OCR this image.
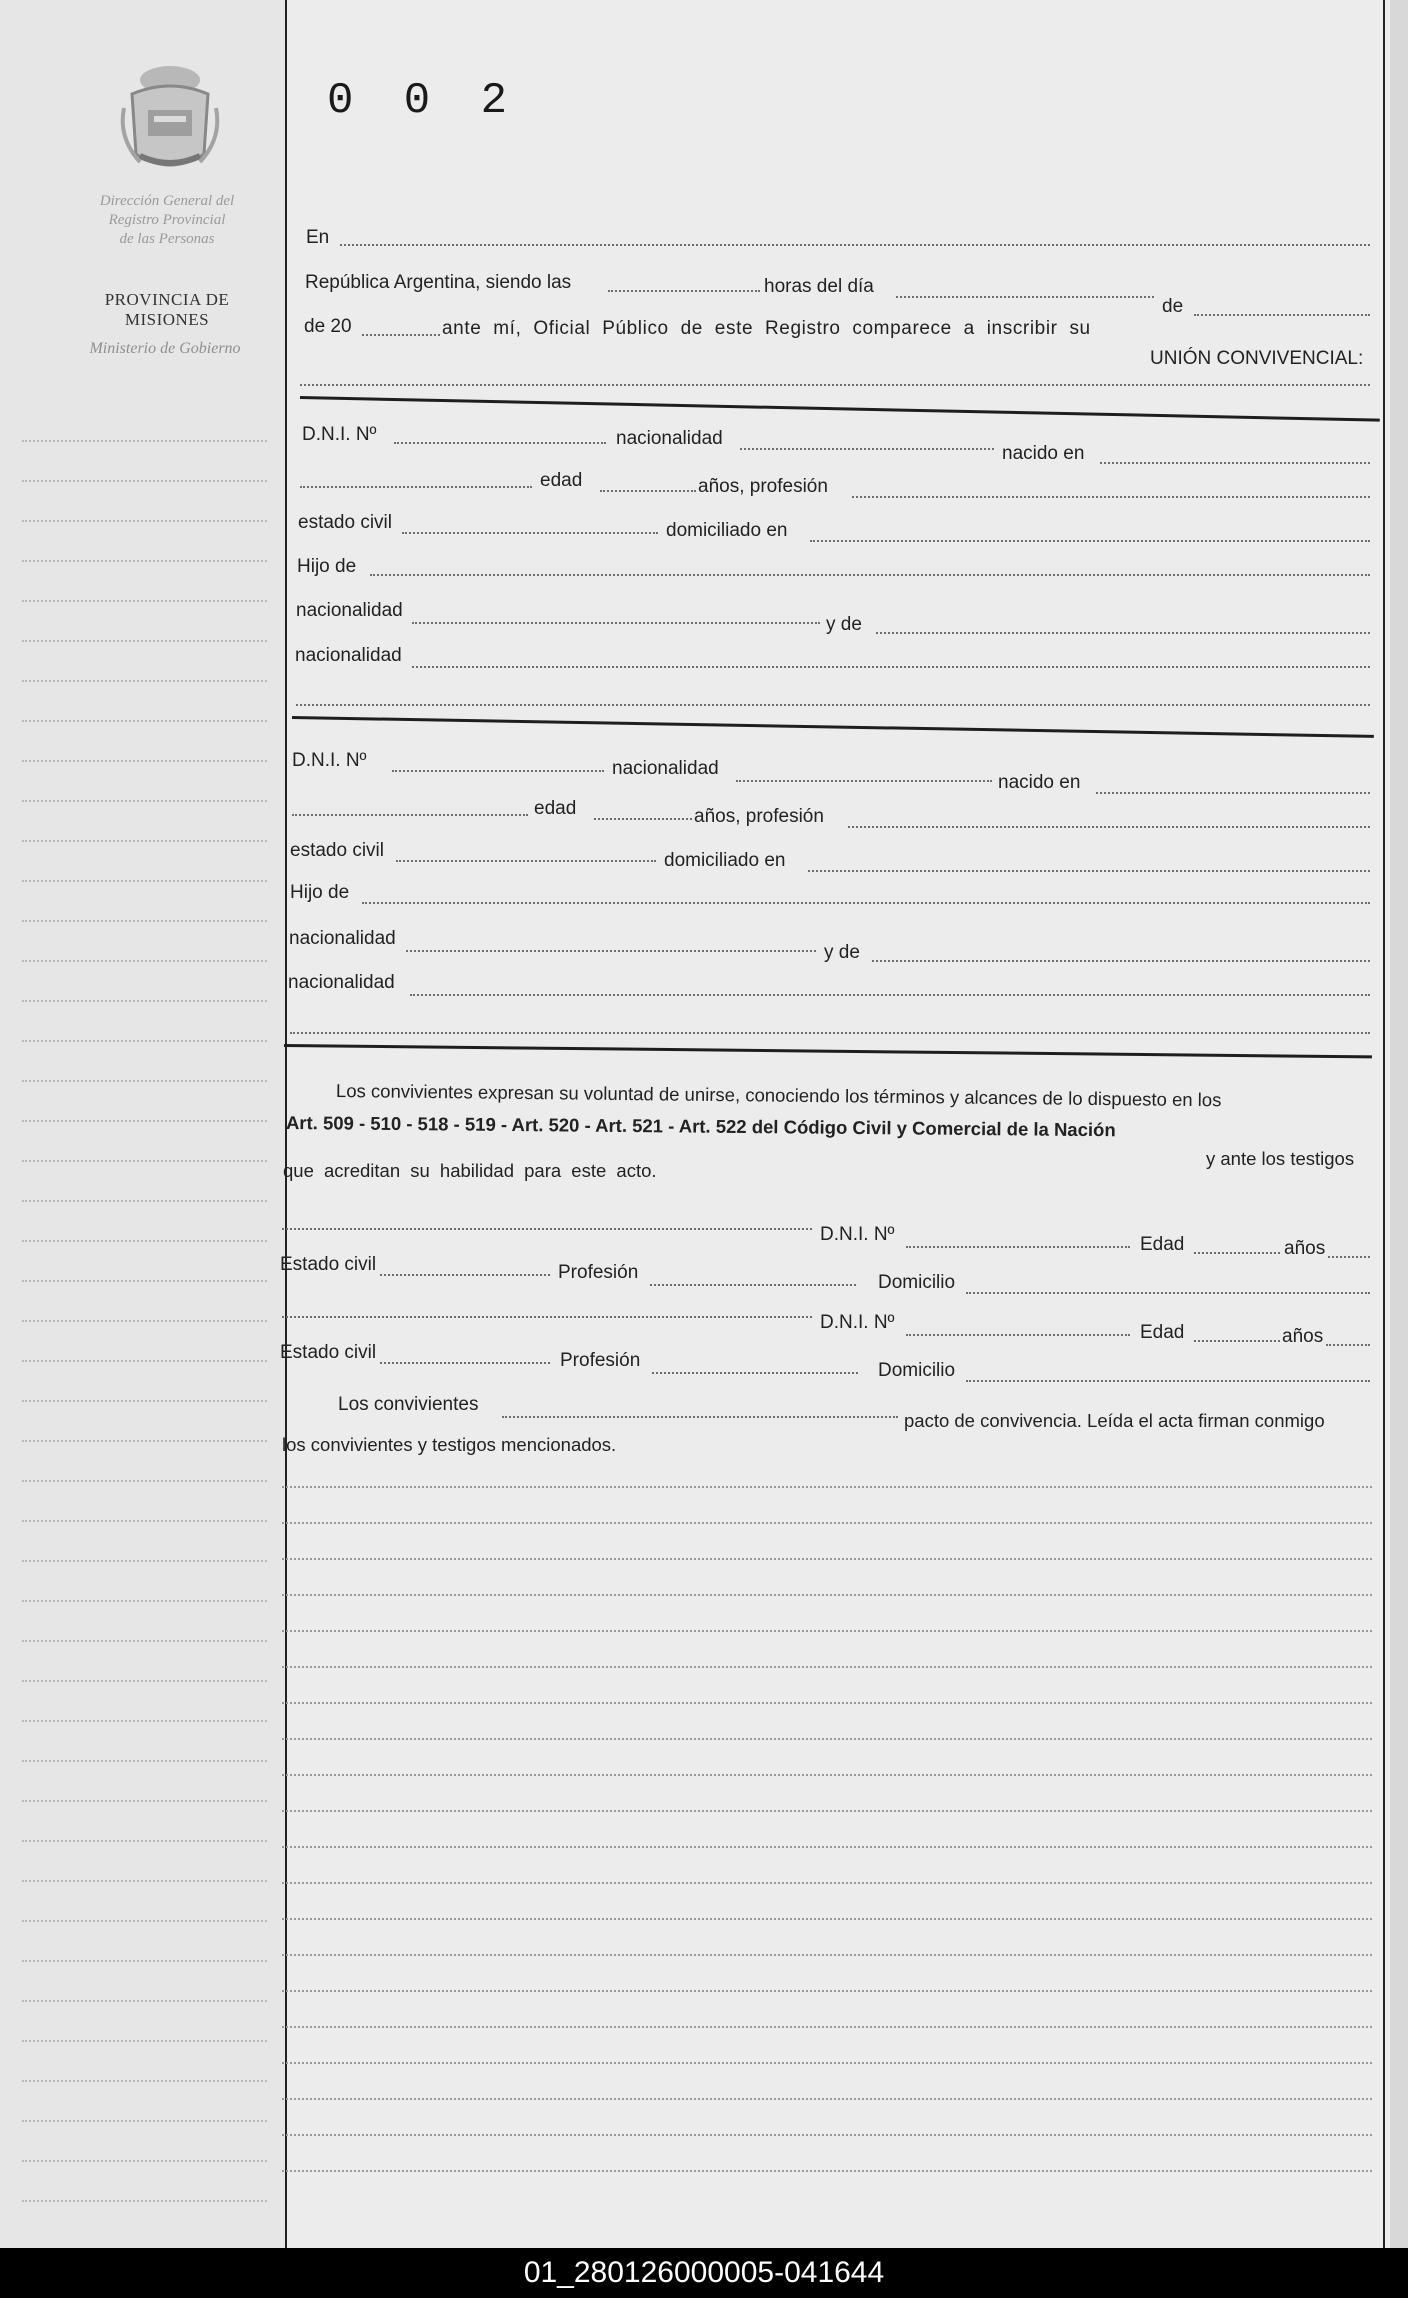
Dirección General del
Registro Provincial
de las Personas
PROVINCIA DE
MISIONES
Ministerio de Gobierno
0 0 2
En
República Argentina, siendo las	horas del día
de
de 20	ante mí, Oficial Público de este Registro comparece a inscribir su
UNIÓN CONVIVENCIAL:
D.N.I. Nº	nacionalidad
nacido en
edad	años, profesión
estado civil	domiciliado en
Hijo de
nacionalidad
y de
nacionalidad
D.N.I. Nº	nacionalidad
nacido en
edad	años, profesión
estado civil	domiciliado en
Hijo de
nacionalidad
y de
nacionalidad
Los convivientes expresan su voluntad de unirse, conociendo los términos y alcances de lo dispuesto en los
Art. 509 - 510 - 518 - 519 - Art. 520 - Art. 521 - Art. 522 del Código Civil y Comercial de la Nación
y ante los testigos
que acreditan su habilidad para este acto.
D.N.I. Nº	Edad	años
Estado civil	Profesión	Domicilio
D.N.I. Nº	Edad	años
Estado civil	Profesión	Domicilio
Los convivientes
pacto de convivencia. Leída el acta firman conmigo
los convivientes y testigos mencionados.
01_280126000005-041644
